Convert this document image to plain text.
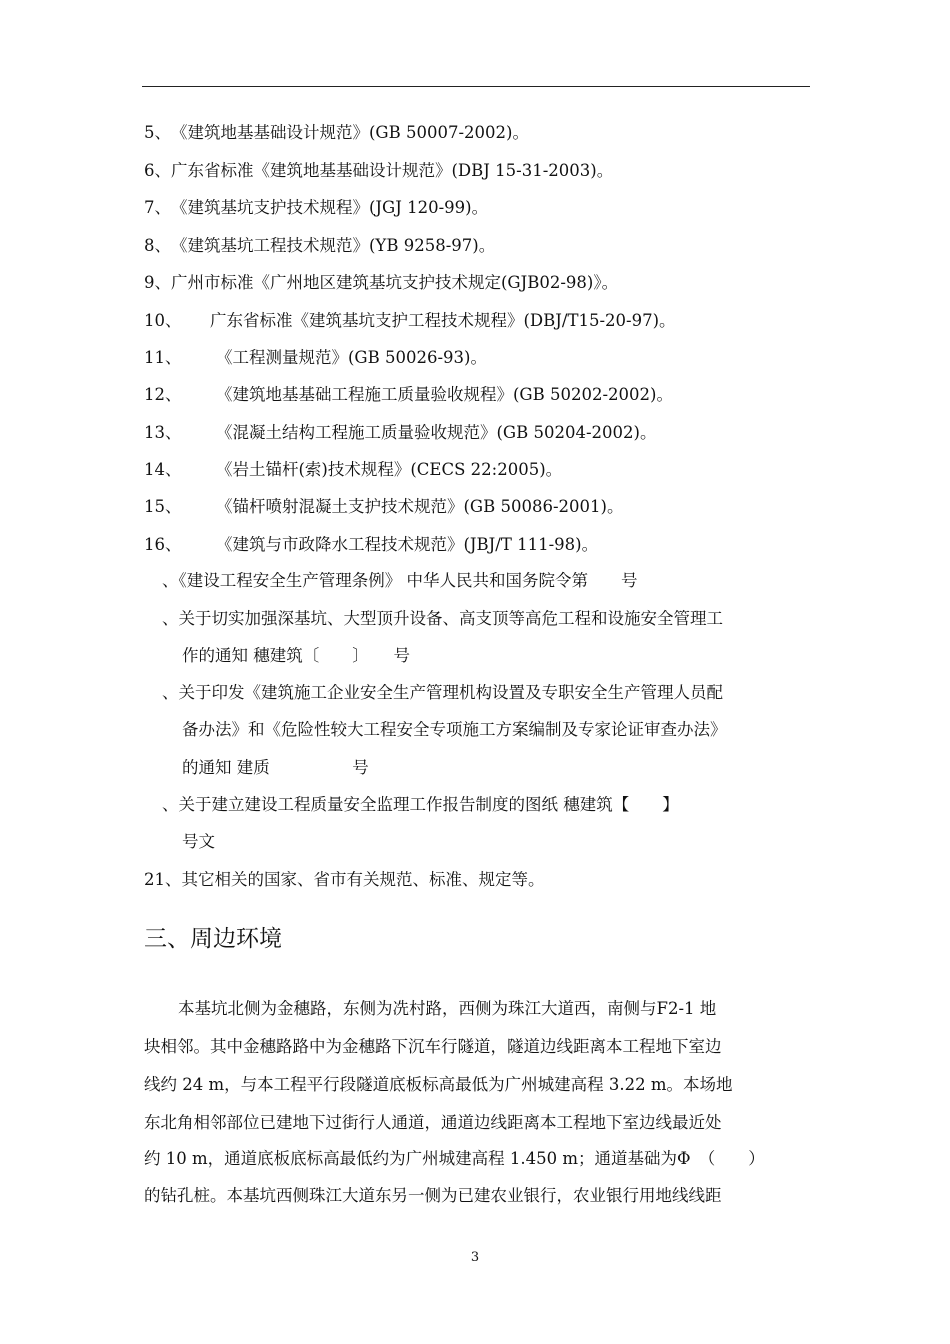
5、《建筑地基基础设计规范》(GB 50007-2002)。
6、广东省标准《建筑地基基础设计规范》(DBJ 15-31-2003)。
7、《建筑基坑支护技术规程》(JGJ 120-99)。
8、《建筑基坑工程技术规范》(YB 9258-97)。
9、广州市标准《广州地区建筑基坑支护技术规定(GJB02-98)》。
10、 广东省标准《建筑基坑支护工程技术规程》(DBJ/T15-20-97)。
11、 《工程测量规范》(GB 50026-93)。
12、 《建筑地基基础工程施工质量验收规程》(GB 50202-2002)。
13、 《混凝土结构工程施工质量验收规范》(GB 50204-2002)。
14、 《岩土锚杆(索)技术规程》(CECS 22:2005)。
15、 《锚杆喷射混凝土支护技术规范》(GB 50086-2001)。
16、 《建筑与市政降水工程技术规范》(JBJ/T 111-98)。
、《建设工程安全生产管理条例》 中华人民共和国务院令第　　号
、关于切实加强深基坑、大型顶升设备、高支顶等高危工程和设施安全管理工
作的通知 穗建筑〔　　〕　　号
、关于印发《建筑施工企业安全生产管理机构设置及专职安全生产管理人员配
备办法》和《危险性较大工程安全专项施工方案编制及专家论证审查办法》
的通知 建质　　　　　号
、关于建立建设工程质量安全监理工作报告制度的图纸 穗建筑【　　】
号文
21、其它相关的国家、省市有关规范、标准、规定等。
三、周边环境
本基坑北侧为金穗路，东侧为冼村路，西侧为珠江大道西，南侧与F2-1 地
块相邻。其中金穗路路中为金穗路下沉车行隧道，隧道边线距离本工程地下室边
线约 24 m，与本工程平行段隧道底板标高最低为广州城建高程 3.22 m。本场地
东北角相邻部位已建地下过街行人通道，通道边线距离本工程地下室边线最近处
约 10 m，通道底板底标高最低约为广州城建高程 1.450 m；通道基础为Φ　（　　）
的钻孔桩。本基坑西侧珠江大道东另一侧为已建农业银行，农业银行用地线线距
3
